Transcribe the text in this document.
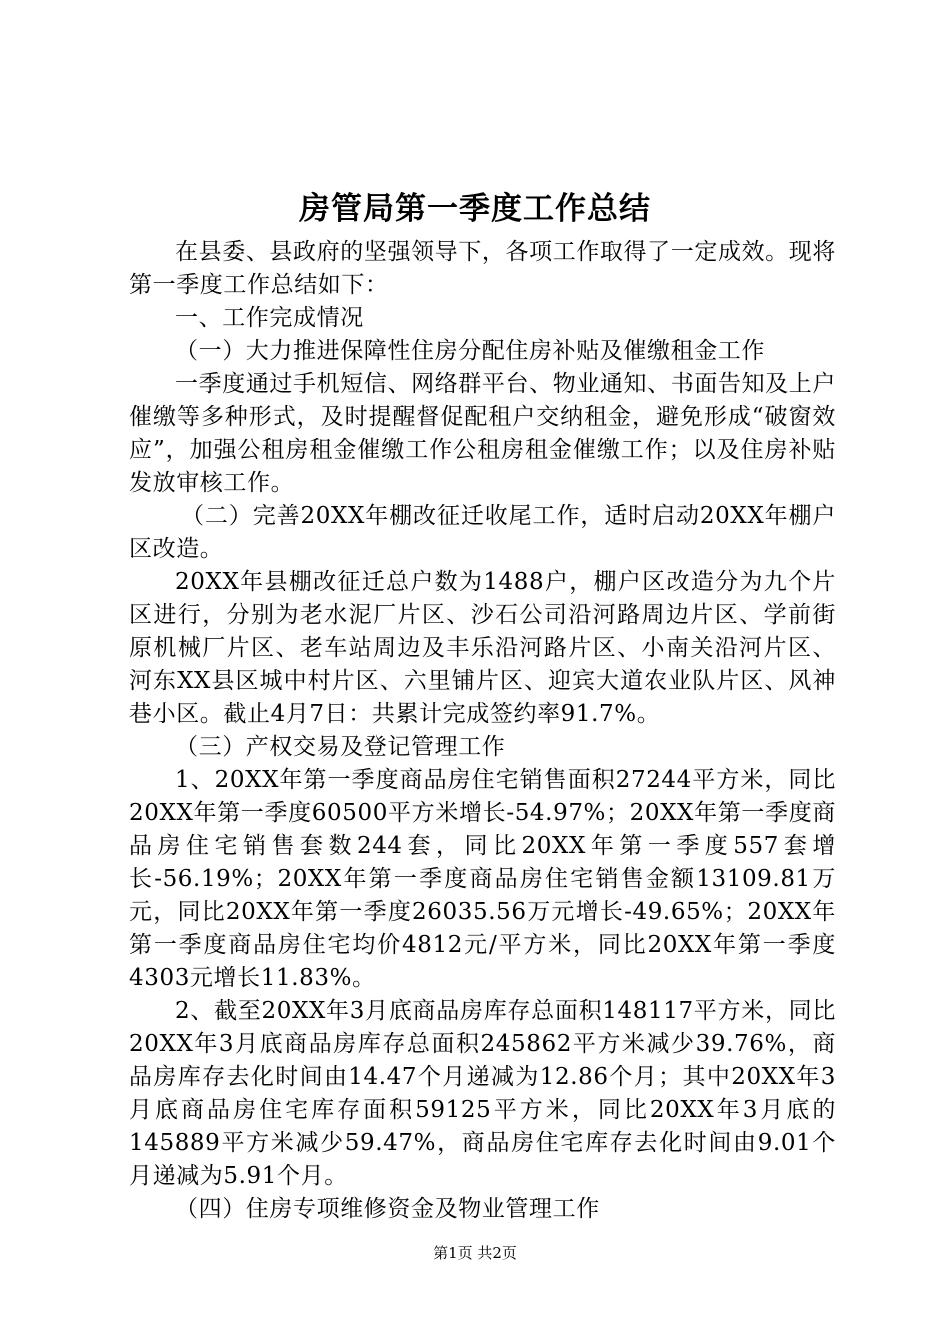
房管局第一季度工作总结

在县委、县政府的坚强领导下，各项工作取得了一定成效。现将第一季度工作总结如下：

一、工作完成情况

（一）大力推进保障性住房分配住房补贴及催缴租金工作

一季度通过手机短信、网络群平台、物业通知、书面告知及上户催缴等多种形式，及时提醒督促配租户交纳租金，避免形成“破窗效应”，加强公租房租金催缴工作公租房租金催缴工作；以及住房补贴发放审核工作。

（二）完善20XX年棚改征迁收尾工作，适时启动20XX年棚户区改造。

20XX年县棚改征迁总户数为1488户，棚户区改造分为九个片区进行，分别为老水泥厂片区、沙石公司沿河路周边片区、学前街原机械厂片区、老车站周边及丰乐沿河路片区、小南关沿河片区、河东XX县区城中村片区、六里铺片区、迎宾大道农业队片区、风神巷小区。截止4月7日：共累计完成签约率91.7%。

（三）产权交易及登记管理工作

1、20XX年第一季度商品房住宅销售面积27244平方米，同比20XX年第一季度60500平方米增长-54.97%；20XX年第一季度商品房住宅销售套数244套，同比20XX年第一季度557套增长-56.19%；20XX年第一季度商品房住宅销售金额13109.81万元，同比20XX年第一季度26035.56万元增长-49.65%；20XX年第一季度商品房住宅均价4812元/平方米，同比20XX年第一季度4303元增长11.83%。

2、截至20XX年3月底商品房库存总面积148117平方米，同比20XX年3月底商品房库存总面积245862平方米减少39.76%，商品房库存去化时间由14.47个月递减为12.86个月；其中20XX年3月底商品房住宅库存面积59125平方米，同比20XX年3月底的145889平方米减少59.47%，商品房住宅库存去化时间由9.01个月递减为5.91个月。

（四）住房专项维修资金及物业管理工作

第1页 共2页
